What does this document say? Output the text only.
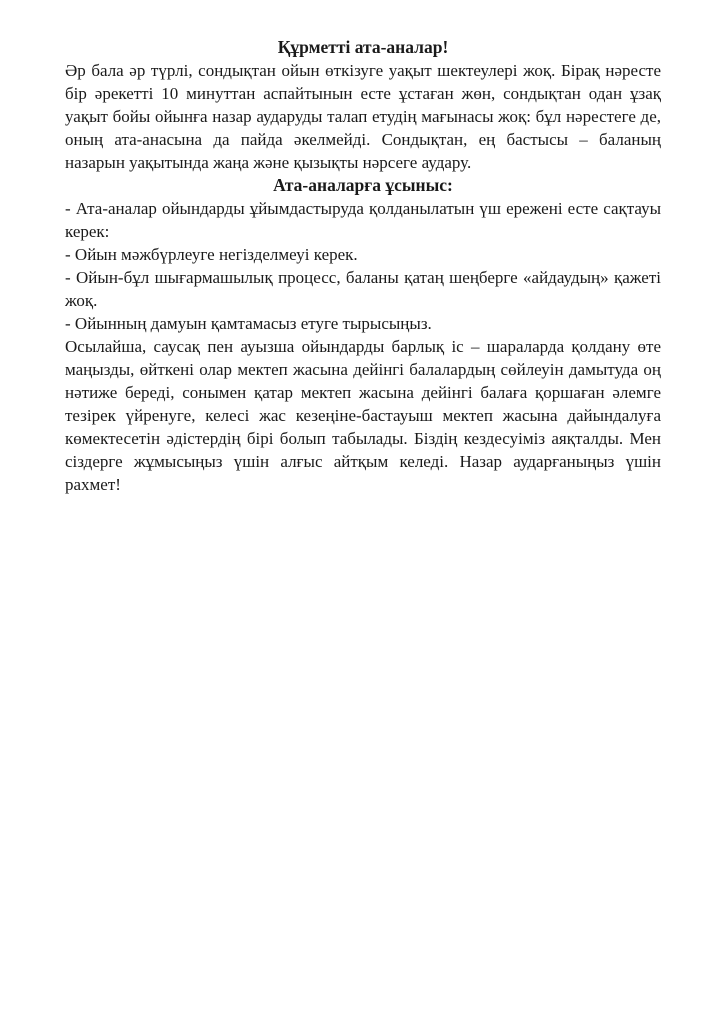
Құрметті ата-аналар!

Әр бала әр түрлі, сондықтан ойын өткізуге уақыт шектеулері жоқ. Бірақ нәресте бір әрекетті 10 минуттан аспайтынын есте ұстаған жөн, сондықтан одан ұзақ уақыт бойы ойынға назар аударуды талап етудің мағынасы жоқ: бұл нәрестеге де, оның ата-анасына да пайда әкелмейді. Сондықтан, ең бастысы – баланың назарын уақытында жаңа және қызықты нәрсеге аудару.

Ата-аналарға ұсыныс:

- Ата-аналар ойындарды ұйымдастыруда қолданылатын үш ережені есте сақтауы керек:

- Ойын мәжбүрлеуге негізделмеуі керек.

- Ойын-бұл шығармашылық процесс, баланы қатаң шеңберге «айдаудың» қажеті жоқ.

- Ойынның дамуын қамтамасыз етуге тырысыңыз.

Осылайша, саусақ пен ауызша ойындарды барлық іс – шараларда қолдану өте маңызды, өйткені олар мектеп жасына дейінгі балалардың сөйлеуін дамытуда оң нәтиже береді, сонымен қатар мектеп жасына дейінгі балаға қоршаған әлемге тезірек үйренуге, келесі жас кезеңіне-бастауыш мектеп жасына дайындалуға көмектесетін әдістердің бірі болып табылады. Біздің кездесуіміз аяқталды. Мен сіздерге жұмысыңыз үшін алғыс айтқым келеді. Назар аударғаныңыз үшін рахмет!
